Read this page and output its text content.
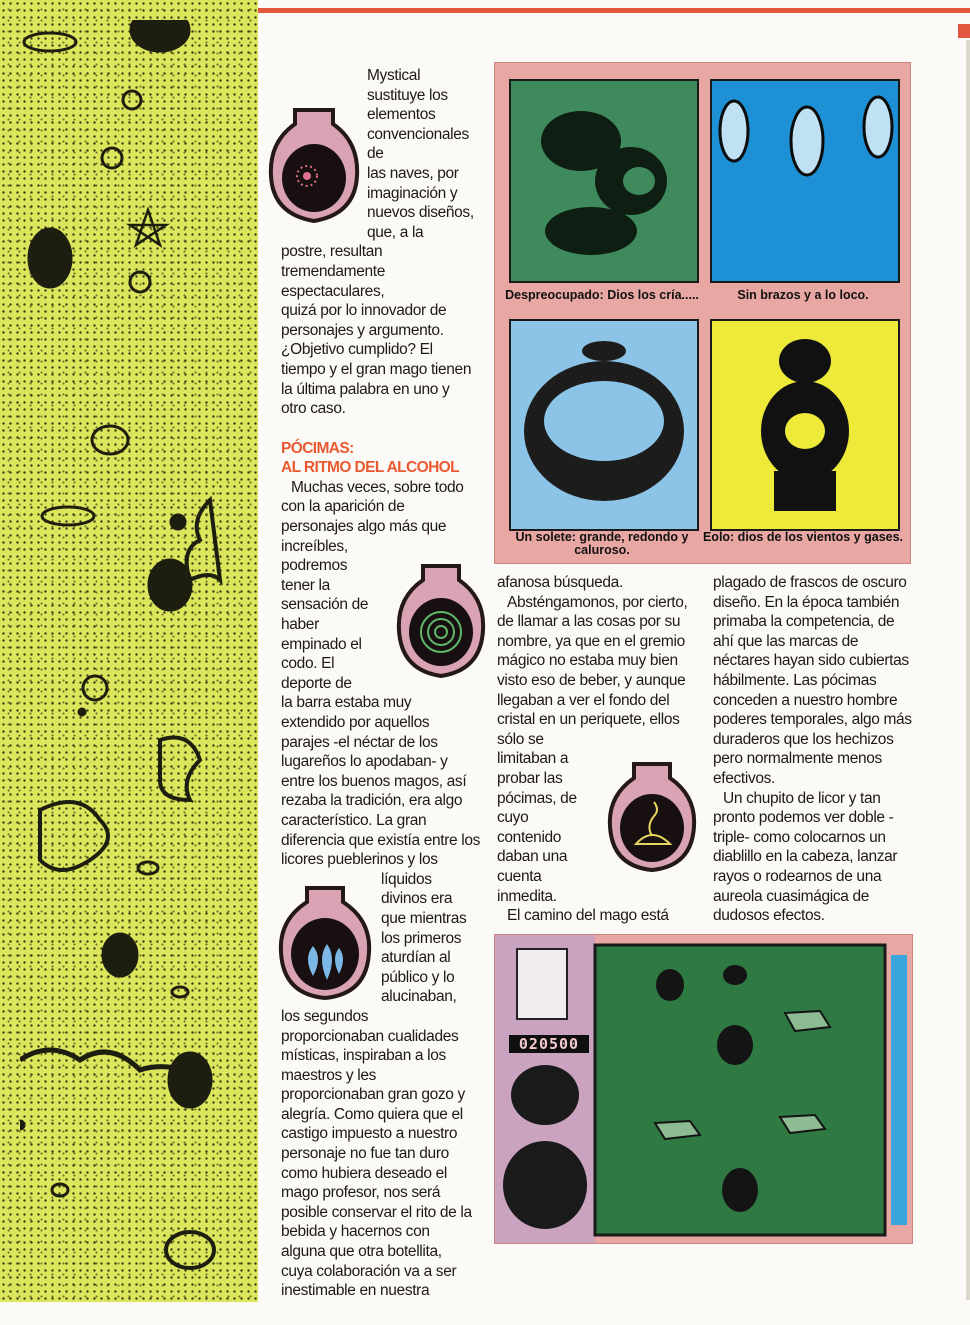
Mystical sustituye los

elementos convencionales de

las naves, por

imaginación y

nuevos diseños,

que, a la

postre, resultan

tremendamente

espectaculares,

quizá por lo innovador de

personajes y argumento.

¿Objetivo cumplido? El

tiempo y el gran mago tienen

la última palabra en uno y

otro caso.

PÓCIMAS:

AL RITMO DEL ALCOHOL

Muchas veces, sobre todo

con la aparición de

personajes algo más que

increíbles,

podremos

tener la

sensación de

haber

empinado el

codo. El

deporte de

la barra estaba muy

extendido por aquellos

parajes -el néctar de los

lugareños lo apodaban- y

entre los buenos magos, así

rezaba la tradición, era algo

característico. La gran

diferencia que existía entre los

licores pueblerinos y los

líquidos

divinos era

que mientras

los primeros

aturdían al

público y lo

alucinaban,

los segundos

proporcionaban cualidades

místicas, inspiraban a los

maestros y les

proporcionaban gran gozo y

alegría. Como quiera que el

castigo impuesto a nuestro

personaje no fue tan duro

como hubiera deseado el

mago profesor, nos será

posible conservar el rito de la

bebida y hacernos con

alguna que otra botellita,

cuya colaboración va a ser

inestimable en nuestra

Despreocupado: Dios los cría.....	Sin brazos y a lo loco.
Un solete: grande, redondo y caluroso.
Eolo: dios de los vientos y gases.

afanosa búsqueda.

Absténgamonos, por cierto,

de llamar a las cosas por su

nombre, ya que en el gremio

mágico no estaba muy bien

visto eso de beber, y aunque

llegaban a ver el fondo del

cristal en un periquete, ellos

sólo se

limitaban a

probar las

pócimas, de

cuyo

contenido

daban una

cuenta

inmedita.

El camino del mago está

plagado de frascos de oscuro

diseño. En la época también

primaba la competencia, de

ahí que las marcas de

néctares hayan sido cubiertas

hábilmente. Las pócimas

conceden a nuestro hombre

poderes temporales, algo más

duraderos que los hechizos

pero normalmente menos

efectivos.

Un chupito de licor y tan

pronto podemos ver doble -

triple- como colocarnos un

diablillo en la cabeza, lanzar

rayos o rodearnos de una

aureola cuasimágica de

dudosos efectos.

020500
